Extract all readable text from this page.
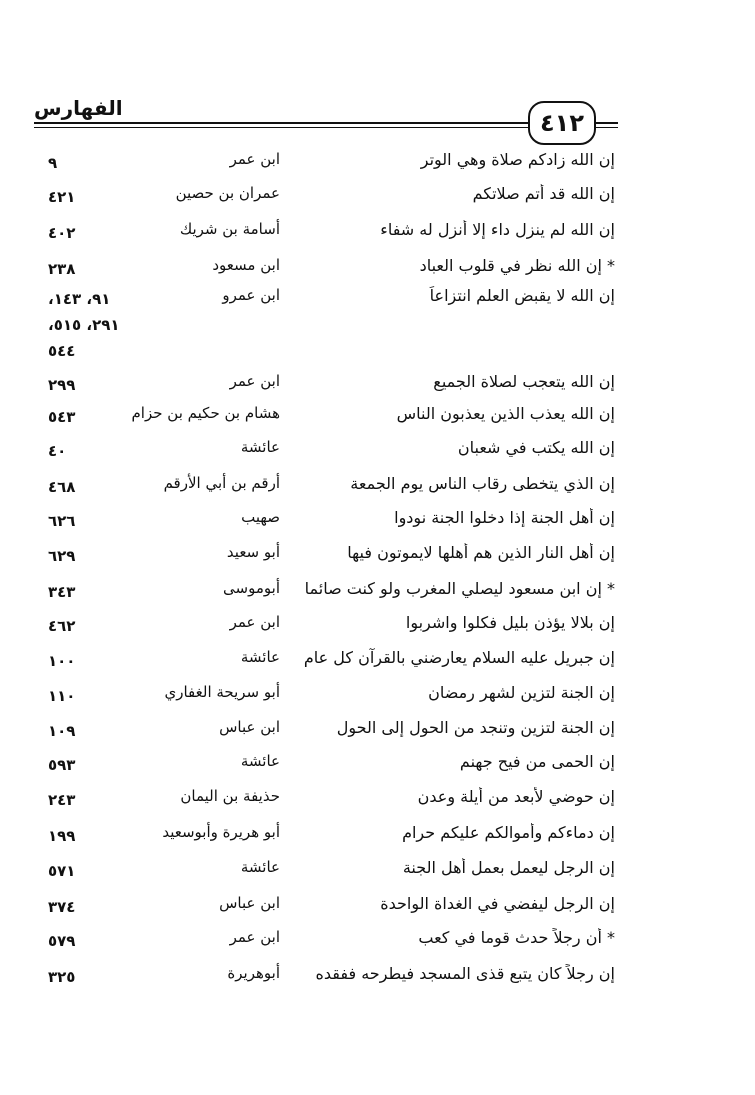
الفهارس
٤١٢
إن الله زادكم صلاة وهي الوتر
ابن عمر
٩
إن الله قد أتم صلاتكم
عمران بن حصين
٤٢١
إن الله لم ينزل داء إلا أنزل له شفاء
أسامة بن شريك
٤٠٢
* إن الله نظر في قلوب العباد
ابن مسعود
٢٣٨
إن الله لا يقبض العلم انتزاعاً
ابن عمرو
٩١، ١٤٣، ٢٩١، ٥١٥، ٥٤٤
إن الله يتعجب لصلاة الجميع
ابن عمر
٢٩٩
إن الله يعذب الذين يعذبون الناس
هشام بن حكيم بن حزام
٥٤٣
إن الله يكتب في شعبان
عائشة
٤٠
إن الذي يتخطى رقاب الناس يوم الجمعة
أرقم بن أبي الأرقم
٤٦٨
إن أهل الجنة إذا دخلوا الجنة نودوا
صهيب
٦٢٦
إن أهل النار الذين هم أهلها لايموتون فيها
أبو سعيد
٦٢٩
* إن ابن مسعود ليصلي المغرب ولو كنت صائما
أبوموسى
٣٤٣
إن بلالا يؤذن بليل فكلوا واشربوا
ابن عمر
٤٦٢
إن جبريل عليه السلام يعارضني بالقرآن كل عام
عائشة
١٠٠
إن الجنة لتزين لشهر رمضان
أبو سريحة الغفاري
١١٠
إن الجنة لتزين وتنجد من الحول إلى الحول
ابن عباس
١٠٩
إن الحمى من فيح جهنم
عائشة
٥٩٣
إن حوضي لأبعد من أيلة وعدن
حذيفة بن اليمان
٢٤٣
إن دماءكم وأموالكم عليكم حرام
أبو هريرة وأبوسعيد
١٩٩
إن الرجل ليعمل بعمل أهل الجنة
عائشة
٥٧١
إن الرجل ليفضي في الغداة الواحدة
ابن عباس
٣٧٤
* أن رجلاً حدث قوما في كعب
ابن عمر
٥٧٩
إن رجلاً كان يتبع قذى المسجد فيطرحه ففقده
أبوهريرة
٣٢٥
